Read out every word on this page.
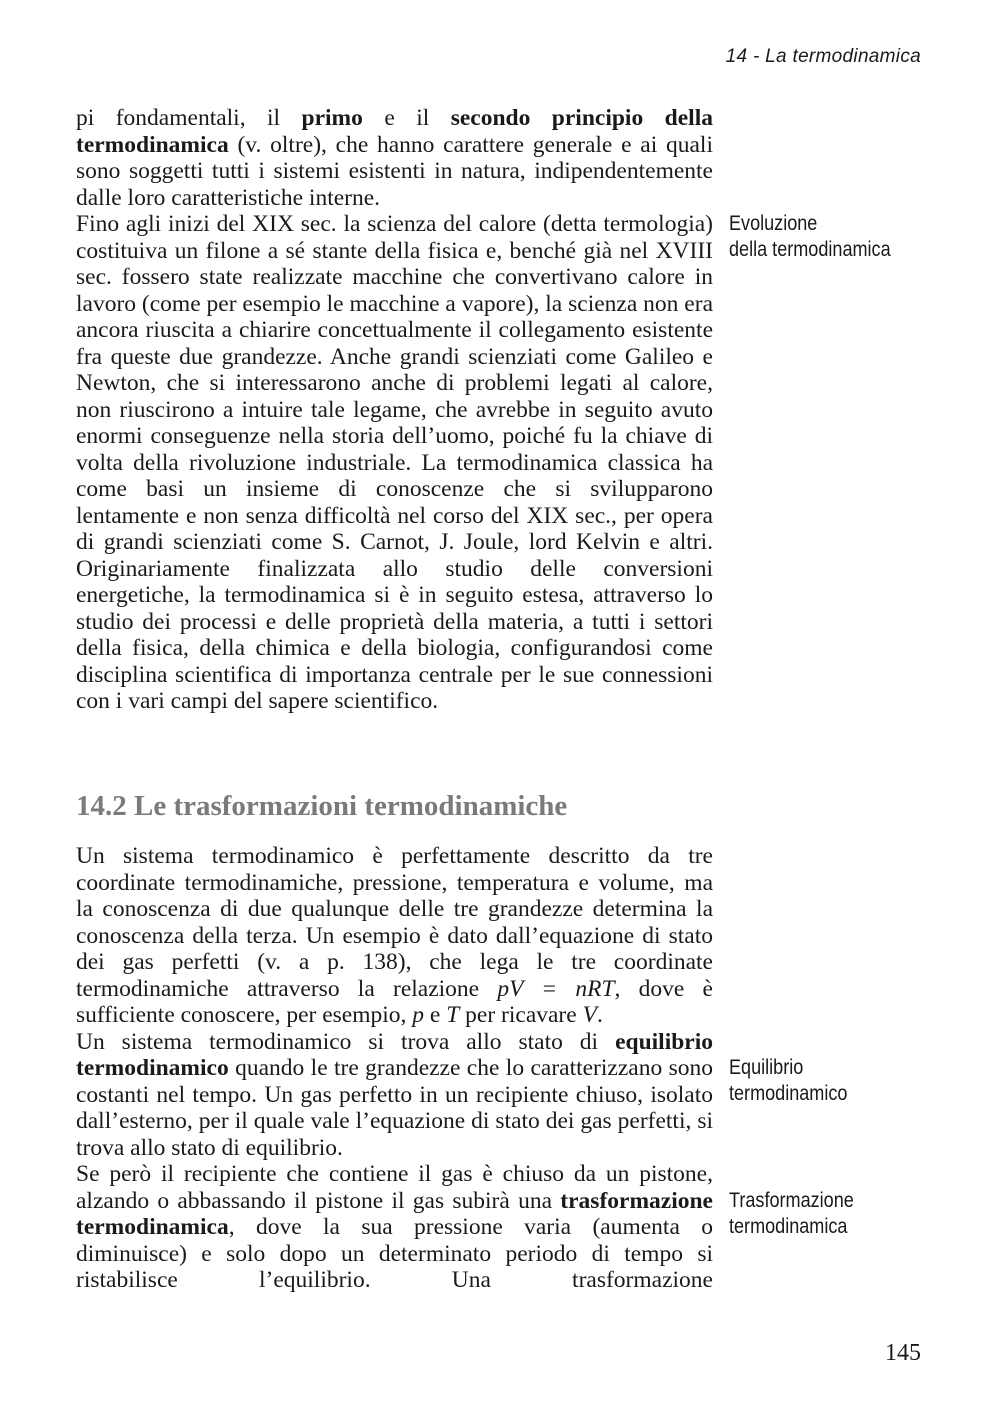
14 - La termodinamica

pi fondamentali, il primo e il secondo principio della termodinamica (v. oltre), che hanno carattere generale e ai quali sono soggetti tutti i sistemi esistenti in natura, indipendentemente dalle loro caratteristiche interne.

Fino agli inizi del XIX sec. la scienza del calore (detta termologia) costituiva un filone a sé stante della fisica e, benché già nel XVIII sec. fossero state realizzate macchine che convertivano calore in lavoro (come per esempio le macchine a vapore), la scienza non era ancora riuscita a chiarire concettualmente il collegamento esistente fra queste due grandezze. Anche grandi scienziati come Galileo e Newton, che si interessarono anche di problemi legati al calore, non riuscirono a intuire tale legame, che avrebbe in seguito avuto enormi conseguenze nella storia dell’uomo, poiché fu la chiave di volta della rivoluzione industriale. La termodinamica classica ha come basi un insieme di conoscenze che si svilupparono lentamente e non senza difficoltà nel corso del XIX sec., per opera di grandi scienziati come S. Carnot, J. Joule, lord Kelvin e altri. Originariamente finalizzata allo studio delle conversioni energetiche, la termodinamica si è in seguito estesa, attraverso lo studio dei processi e delle proprietà della materia, a tutti i settori della fisica, della chimica e della biologia, configurandosi come disciplina scientifica di importanza centrale per le sue connessioni con i vari campi del sapere scientifico.

14.2 Le trasformazioni termodinamiche

Un sistema termodinamico è perfettamente descritto da tre coordinate termodinamiche, pressione, temperatura e volume, ma la conoscenza di due qualunque delle tre grandezze determina la conoscenza della terza. Un esempio è dato dall’equazione di stato dei gas perfetti (v. a p. 138), che lega le tre coordinate termodinamiche attraverso la relazione pV = nRT, dove è sufficiente conoscere, per esempio, p e T per ricavare V.

Un sistema termodinamico si trova allo stato di equilibrio termodinamico quando le tre grandezze che lo caratterizzano sono costanti nel tempo. Un gas perfetto in un recipiente chiuso, isolato dall’esterno, per il quale vale l’equazione di stato dei gas perfetti, si trova allo stato di equilibrio.

Se però il recipiente che contiene il gas è chiuso da un pistone, alzando o abbassando il pistone il gas subirà una trasformazione termodinamica, dove la sua pressione varia (aumenta o diminuisce) e solo dopo un determinato periodo di tempo si ristabilisce l’equilibrio. Una trasformazione

Evoluzione
della termodinamica
Equilibrio
termodinamico
Trasformazione
termodinamica
145
